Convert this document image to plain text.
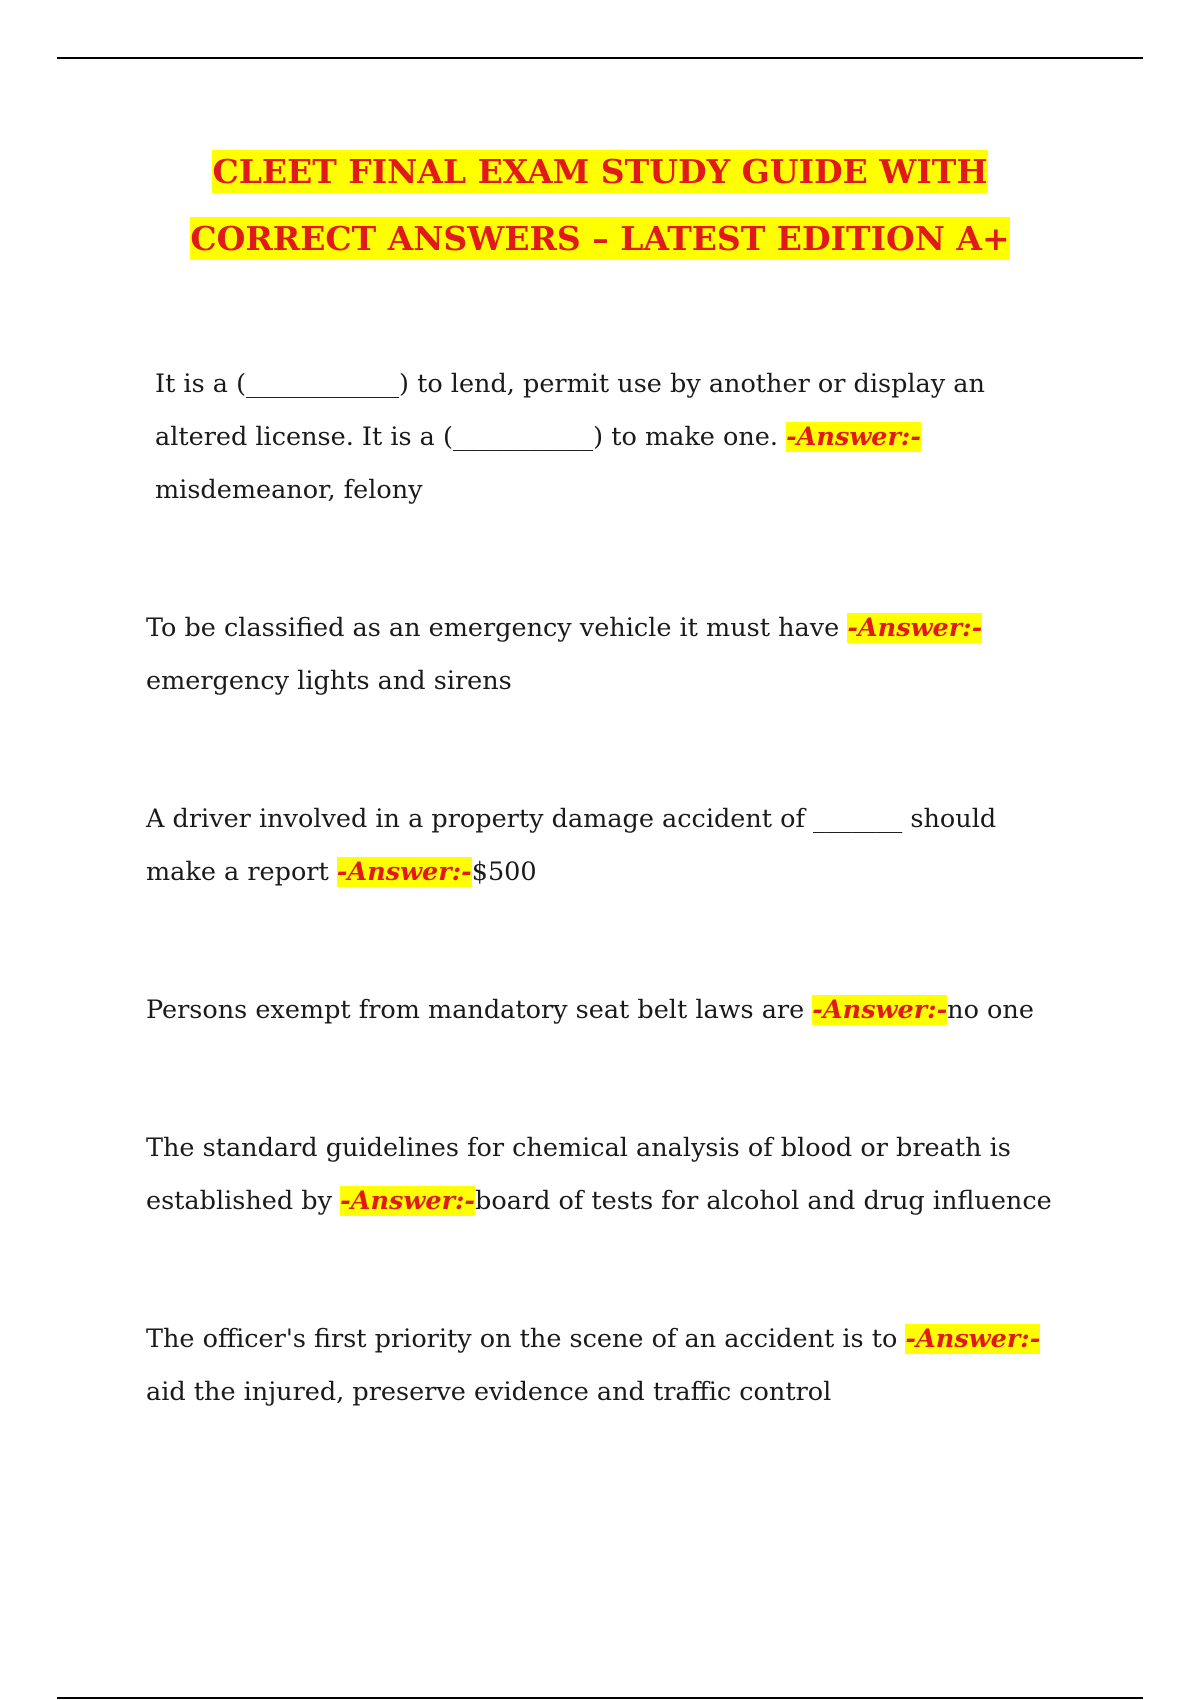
CLEET FINAL EXAM STUDY GUIDE WITH
CORRECT ANSWERS – LATEST EDITION A+

It is a (____________) to lend, permit use by another or display an altered license. It is a (___________) to make one. -Answer:-misdemeanor, felony

To be classified as an emergency vehicle it must have -Answer:-emergency lights and sirens

A driver involved in a property damage accident of _______ should make a report -Answer:-$500

Persons exempt from mandatory seat belt laws are -Answer:-no one

The standard guidelines for chemical analysis of blood or breath is established by -Answer:-board of tests for alcohol and drug influence

The officer's first priority on the scene of an accident is to -Answer:-aid the injured, preserve evidence and traffic control
